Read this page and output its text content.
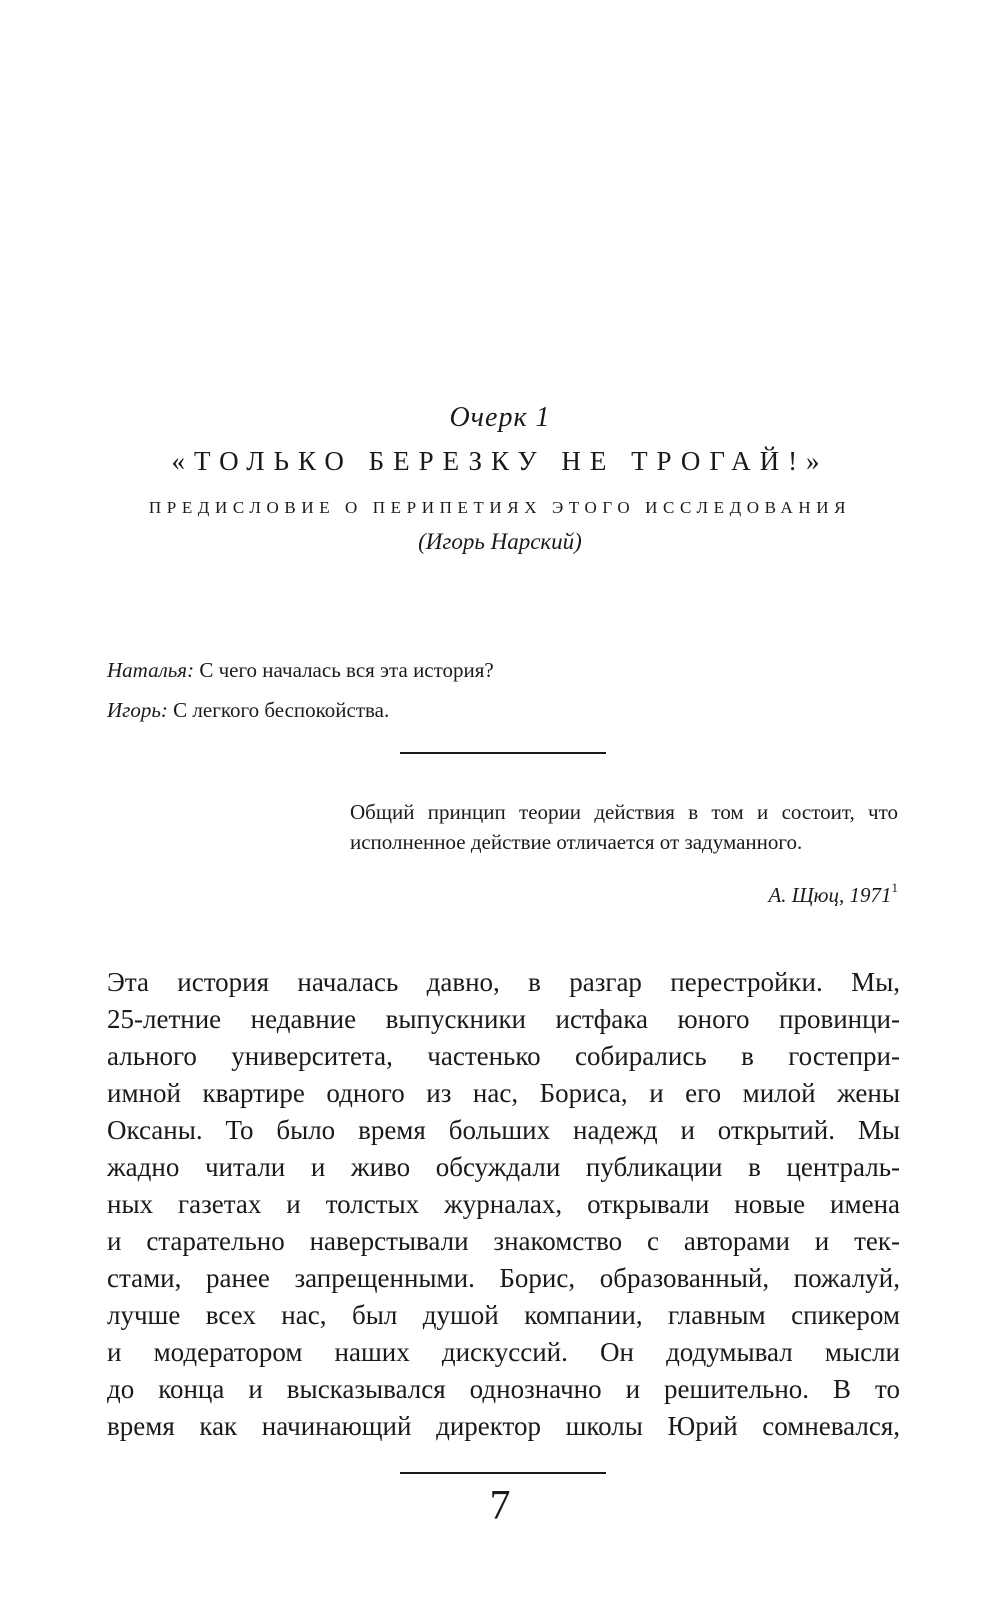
Очерк 1
«ТОЛЬКО БЕРЕЗКУ НЕ ТРОГАЙ!»
ПРЕДИСЛОВИЕ О ПЕРИПЕТИЯХ ЭТОГО ИССЛЕДОВАНИЯ
(Игорь Нарский)
Наталья: С чего началась вся эта история?
Игорь: С легкого беспокойства.
Общий принцип теории действия в том и состоит, что исполненное действие отличается от задуманного.
А. Щюц, 1971$^1$
Эта история началась давно, в разгар перестройки. Мы,
25-летние недавние выпускники истфака юного провинци-
ального университета, частенько собирались в гостепри-
имной квартире одного из нас, Бориса, и его милой жены
Оксаны. То было время больших надежд и открытий. Мы
жадно читали и живо обсуждали публикации в централь-
ных газетах и толстых журналах, открывали новые имена
и старательно наверстывали знакомство с авторами и тек-
стами, ранее запрещенными. Борис, образованный, пожалуй,
лучше всех нас, был душой компании, главным спикером
и модератором наших дискуссий. Он додумывал мысли
до конца и высказывался однозначно и решительно. В то
время как начинающий директор школы Юрий сомневался,
7
